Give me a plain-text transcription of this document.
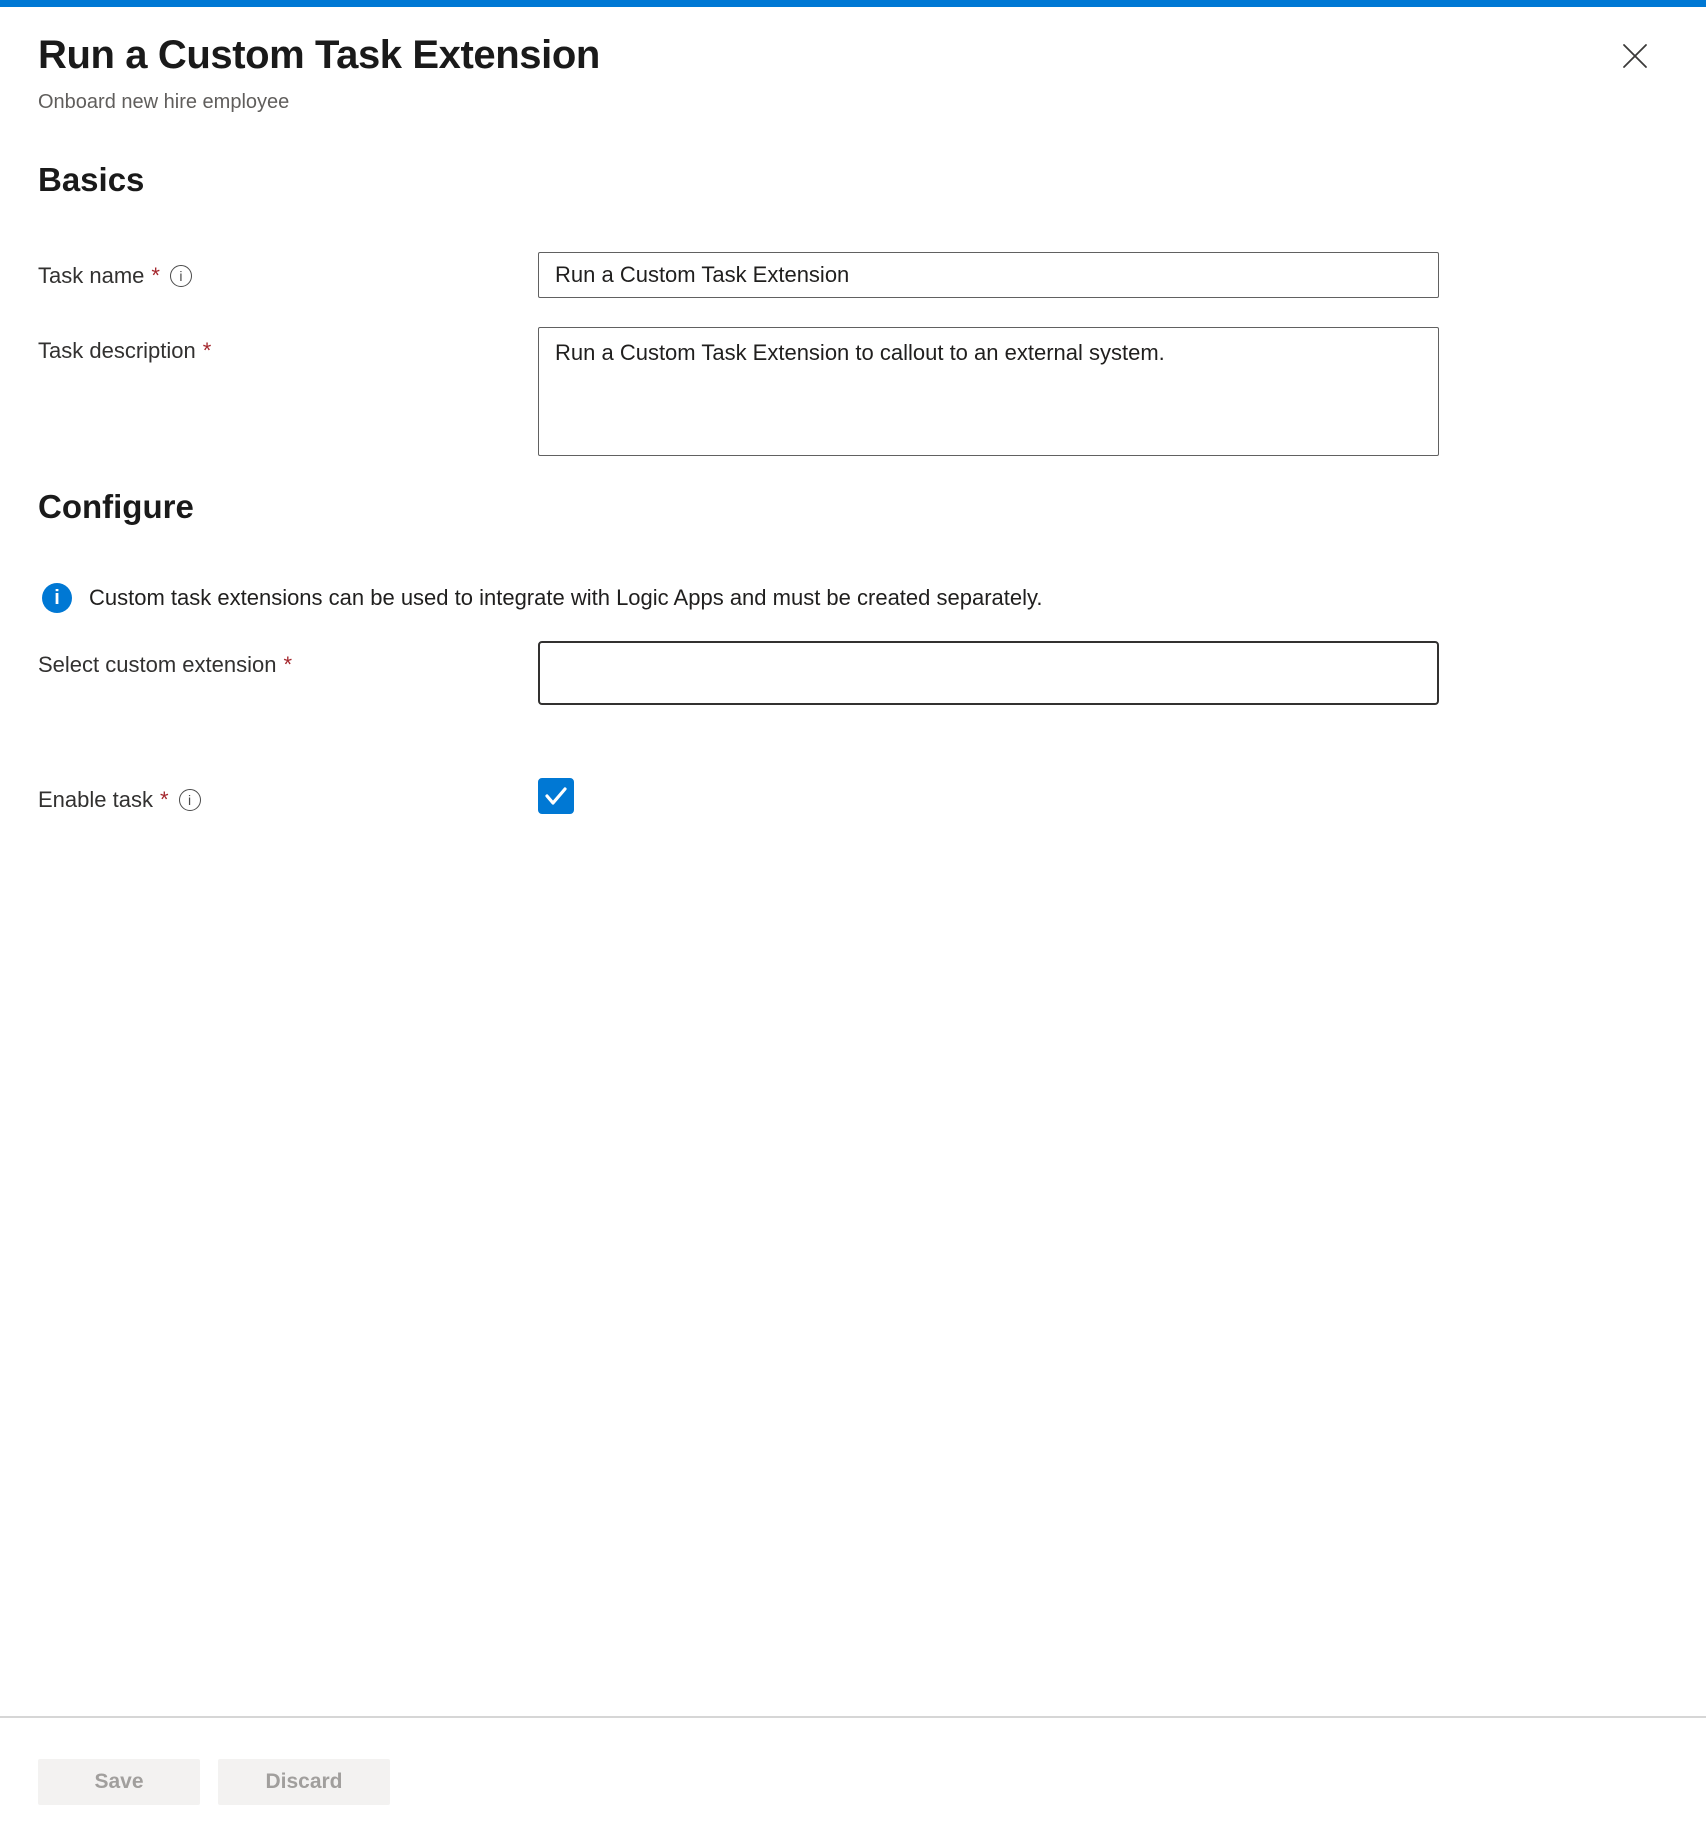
Run a Custom Task Extension
Onboard new hire employee
Basics
Task name *	i
Run a Custom Task Extension
Task description *
Run a Custom Task Extension to callout to an external system.
Configure
i	Custom task extensions can be used to integrate with Logic Apps and must be created separately.
Select custom extension *
Enable task *	i
Save	Discard
